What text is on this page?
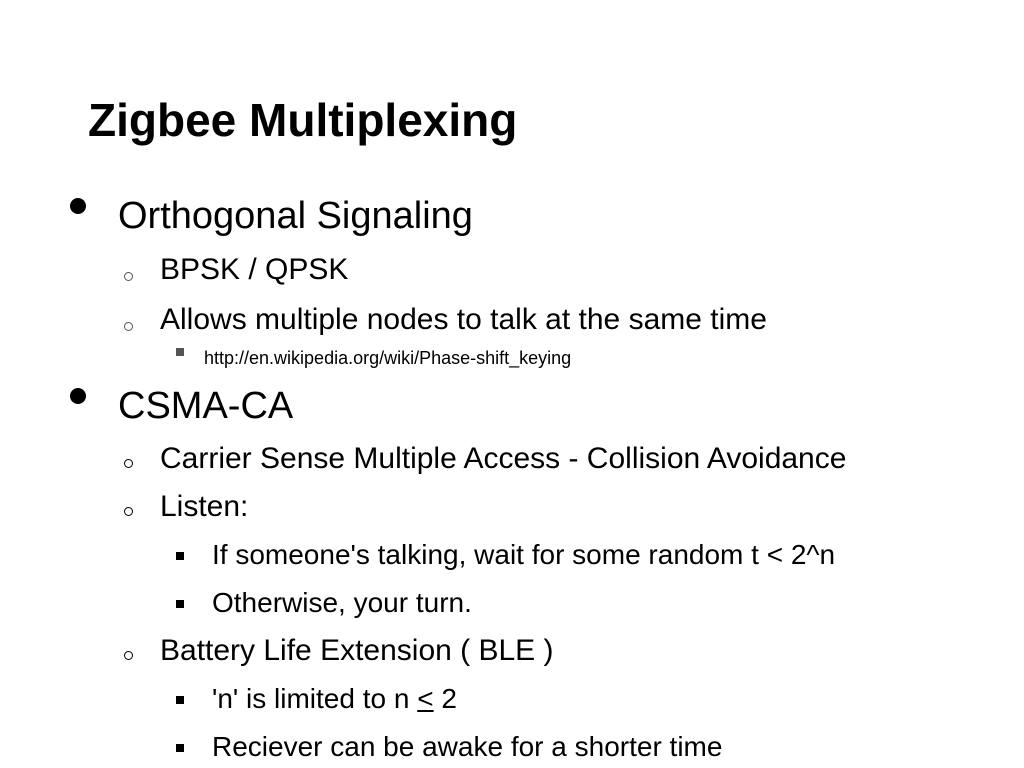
Zigbee Multiplexing
Orthogonal Signaling
BPSK / QPSK
Allows multiple nodes to talk at the same time
http://en.wikipedia.org/wiki/Phase-shift_keying
CSMA-CA
Carrier Sense Multiple Access - Collision Avoidance
Listen:
If someone's talking, wait for some random t < 2^n
Otherwise, your turn.
Battery Life Extension ( BLE )
'n' is limited to n ≤ 2
Reciever can be awake for a shorter time
